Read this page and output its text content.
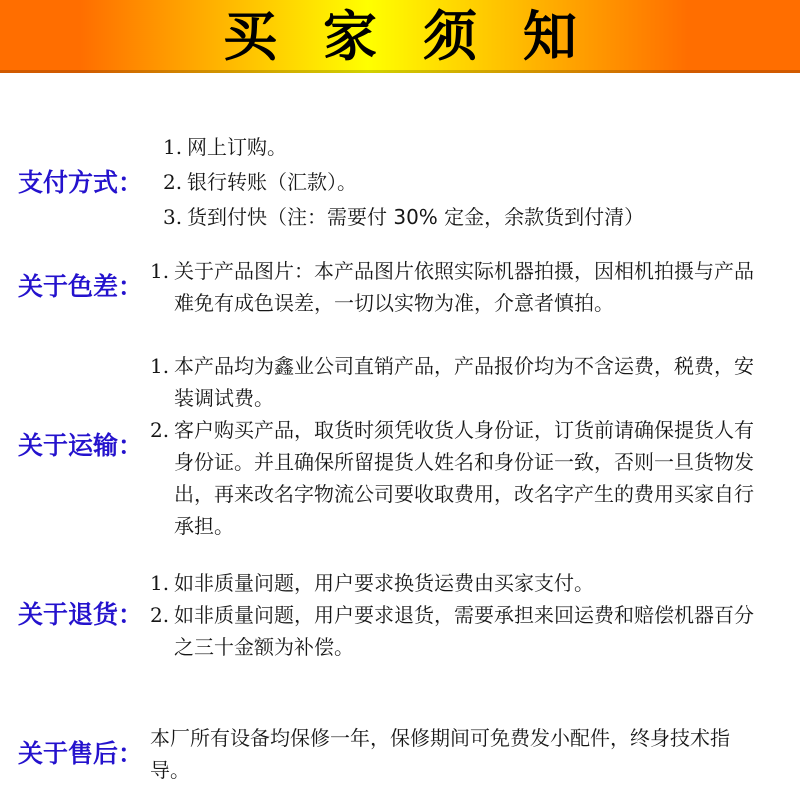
买家须知
支付方式：
1. 网上订购。
2. 银行转账（汇款）。
3. 货到付快（注：需要付 30% 定金，余款货到付清）
关于色差：
1. 关于产品图片：本产品图片依照实际机器拍摄，因相机拍摄与产品难免有成色误差，一切以实物为准，介意者慎拍。
关于运输：
1. 本产品均为鑫业公司直销产品，产品报价均为不含运费，税费，安装调试费。
2. 客户购买产品，取货时须凭收货人身份证，订货前请确保提货人有身份证。并且确保所留提货人姓名和身份证一致，否则一旦货物发出，再来改名字物流公司要收取费用，改名字产生的费用买家自行承担。
关于退货：
1. 如非质量问题，用户要求换货运费由买家支付。
2. 如非质量问题，用户要求退货，需要承担来回运费和赔偿机器百分之三十金额为补偿。
关于售后：

本厂所有设备均保修一年，保修期间可免费发小配件，终身技术指导。
